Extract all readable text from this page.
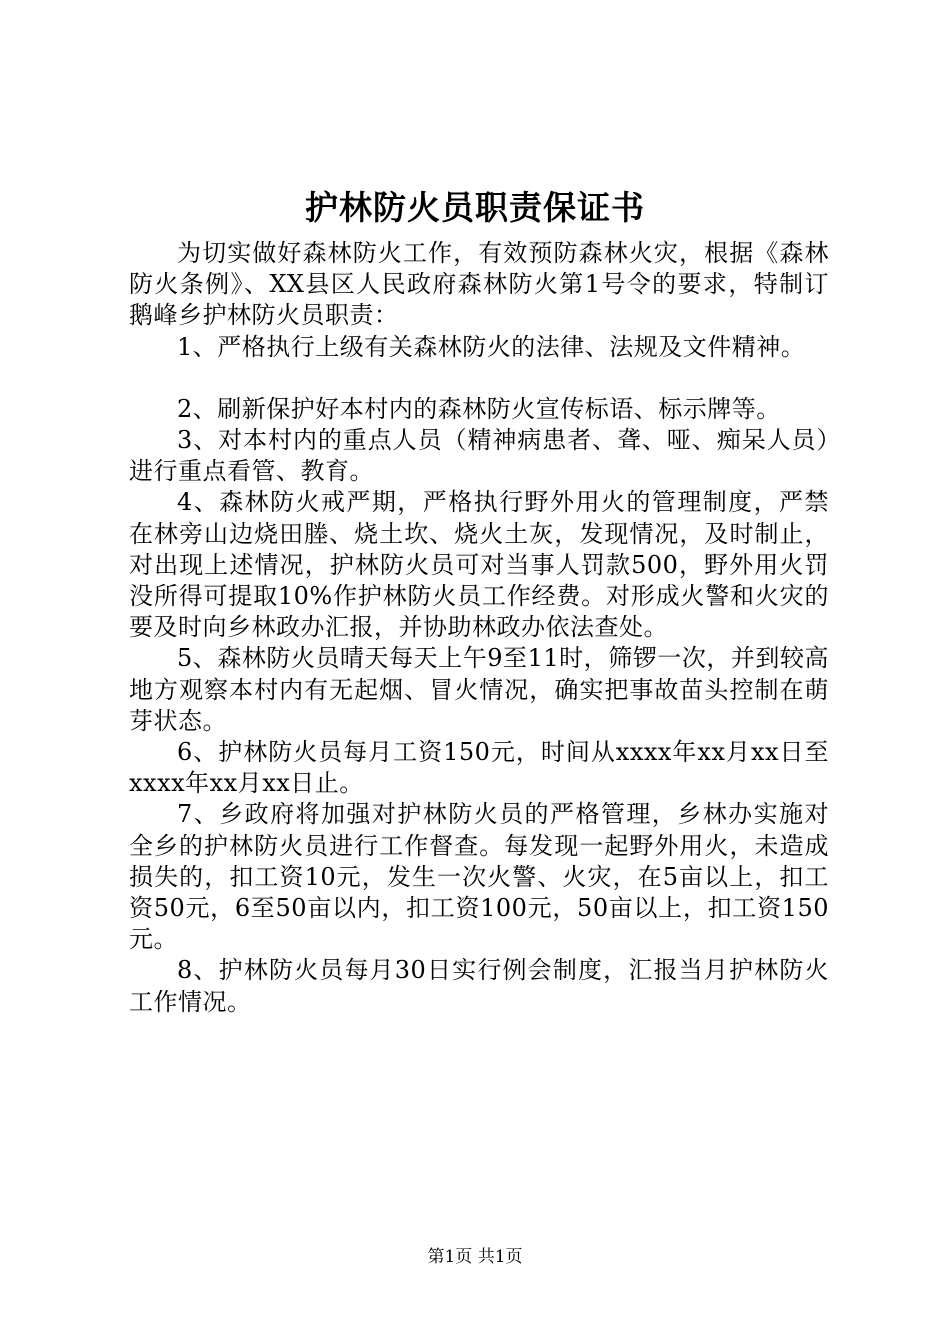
护林防火员职责保证书

为切实做好森林防火工作，有效预防森林火灾，根据《森林防火条例》、XX县区人民政府森林防火第1号令的要求，特制订鹅峰乡护林防火员职责：

1、严格执行上级有关森林防火的法律、法规及文件精神。

2、刷新保护好本村内的森林防火宣传标语、标示牌等。

3、对本村内的重点人员（精神病患者、聋、哑、痴呆人员）进行重点看管、教育。

4、森林防火戒严期，严格执行野外用火的管理制度，严禁在林旁山边烧田塍、烧土坎、烧火土灰，发现情况，及时制止，对出现上述情况，护林防火员可对当事人罚款500，野外用火罚没所得可提取10%作护林防火员工作经费。对形成火警和火灾的要及时向乡林政办汇报，并协助林政办依法查处。

5、森林防火员晴天每天上午9至11时，筛锣一次，并到较高地方观察本村内有无起烟、冒火情况，确实把事故苗头控制在萌芽状态。

6、护林防火员每月工资150元，时间从xxxx年xx月xx日至xxxx年xx月xx日止。

7、乡政府将加强对护林防火员的严格管理，乡林办实施对全乡的护林防火员进行工作督查。每发现一起野外用火，未造成损失的，扣工资10元，发生一次火警、火灾，在5亩以上，扣工资50元，6至50亩以内，扣工资100元，50亩以上，扣工资150元。

8、护林防火员每月30日实行例会制度，汇报当月护林防火工作情况。

第1页 共1页
